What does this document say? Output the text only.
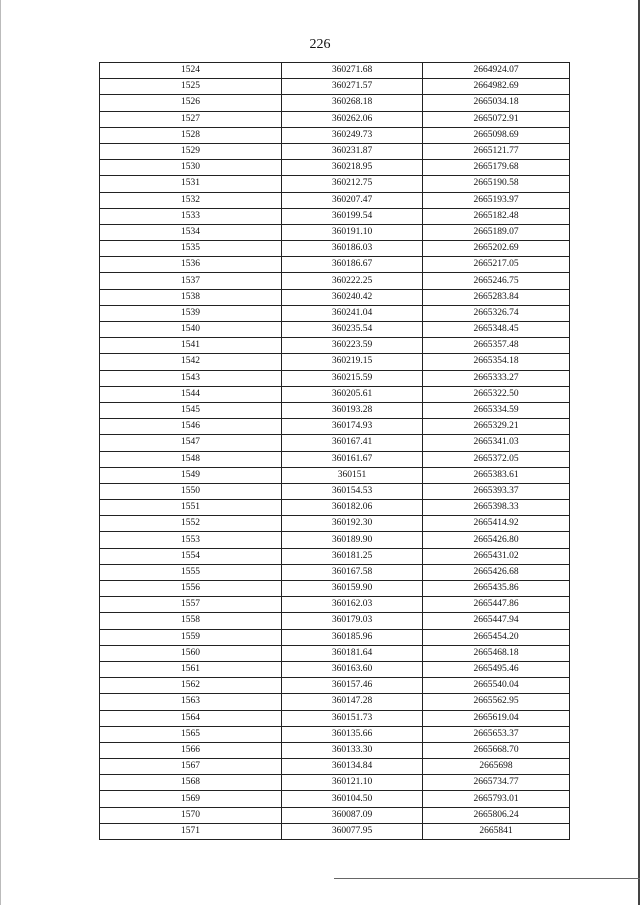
226
1524	360271.68	2664924.07
1525	360271.57	2664982.69
1526	360268.18	2665034.18
1527	360262.06	2665072.91
1528	360249.73	2665098.69
1529	360231.87	2665121.77
1530	360218.95	2665179.68
1531	360212.75	2665190.58
1532	360207.47	2665193.97
1533	360199.54	2665182.48
1534	360191.10	2665189.07
1535	360186.03	2665202.69
1536	360186.67	2665217.05
1537	360222.25	2665246.75
1538	360240.42	2665283.84
1539	360241.04	2665326.74
1540	360235.54	2665348.45
1541	360223.59	2665357.48
1542	360219.15	2665354.18
1543	360215.59	2665333.27
1544	360205.61	2665322.50
1545	360193.28	2665334.59
1546	360174.93	2665329.21
1547	360167.41	2665341.03
1548	360161.67	2665372.05
1549	360151	2665383.61
1550	360154.53	2665393.37
1551	360182.06	2665398.33
1552	360192.30	2665414.92
1553	360189.90	2665426.80
1554	360181.25	2665431.02
1555	360167.58	2665426.68
1556	360159.90	2665435.86
1557	360162.03	2665447.86
1558	360179.03	2665447.94
1559	360185.96	2665454.20
1560	360181.64	2665468.18
1561	360163.60	2665495.46
1562	360157.46	2665540.04
1563	360147.28	2665562.95
1564	360151.73	2665619.04
1565	360135.66	2665653.37
1566	360133.30	2665668.70
1567	360134.84	2665698
1568	360121.10	2665734.77
1569	360104.50	2665793.01
1570	360087.09	2665806.24
1571	360077.95	2665841
